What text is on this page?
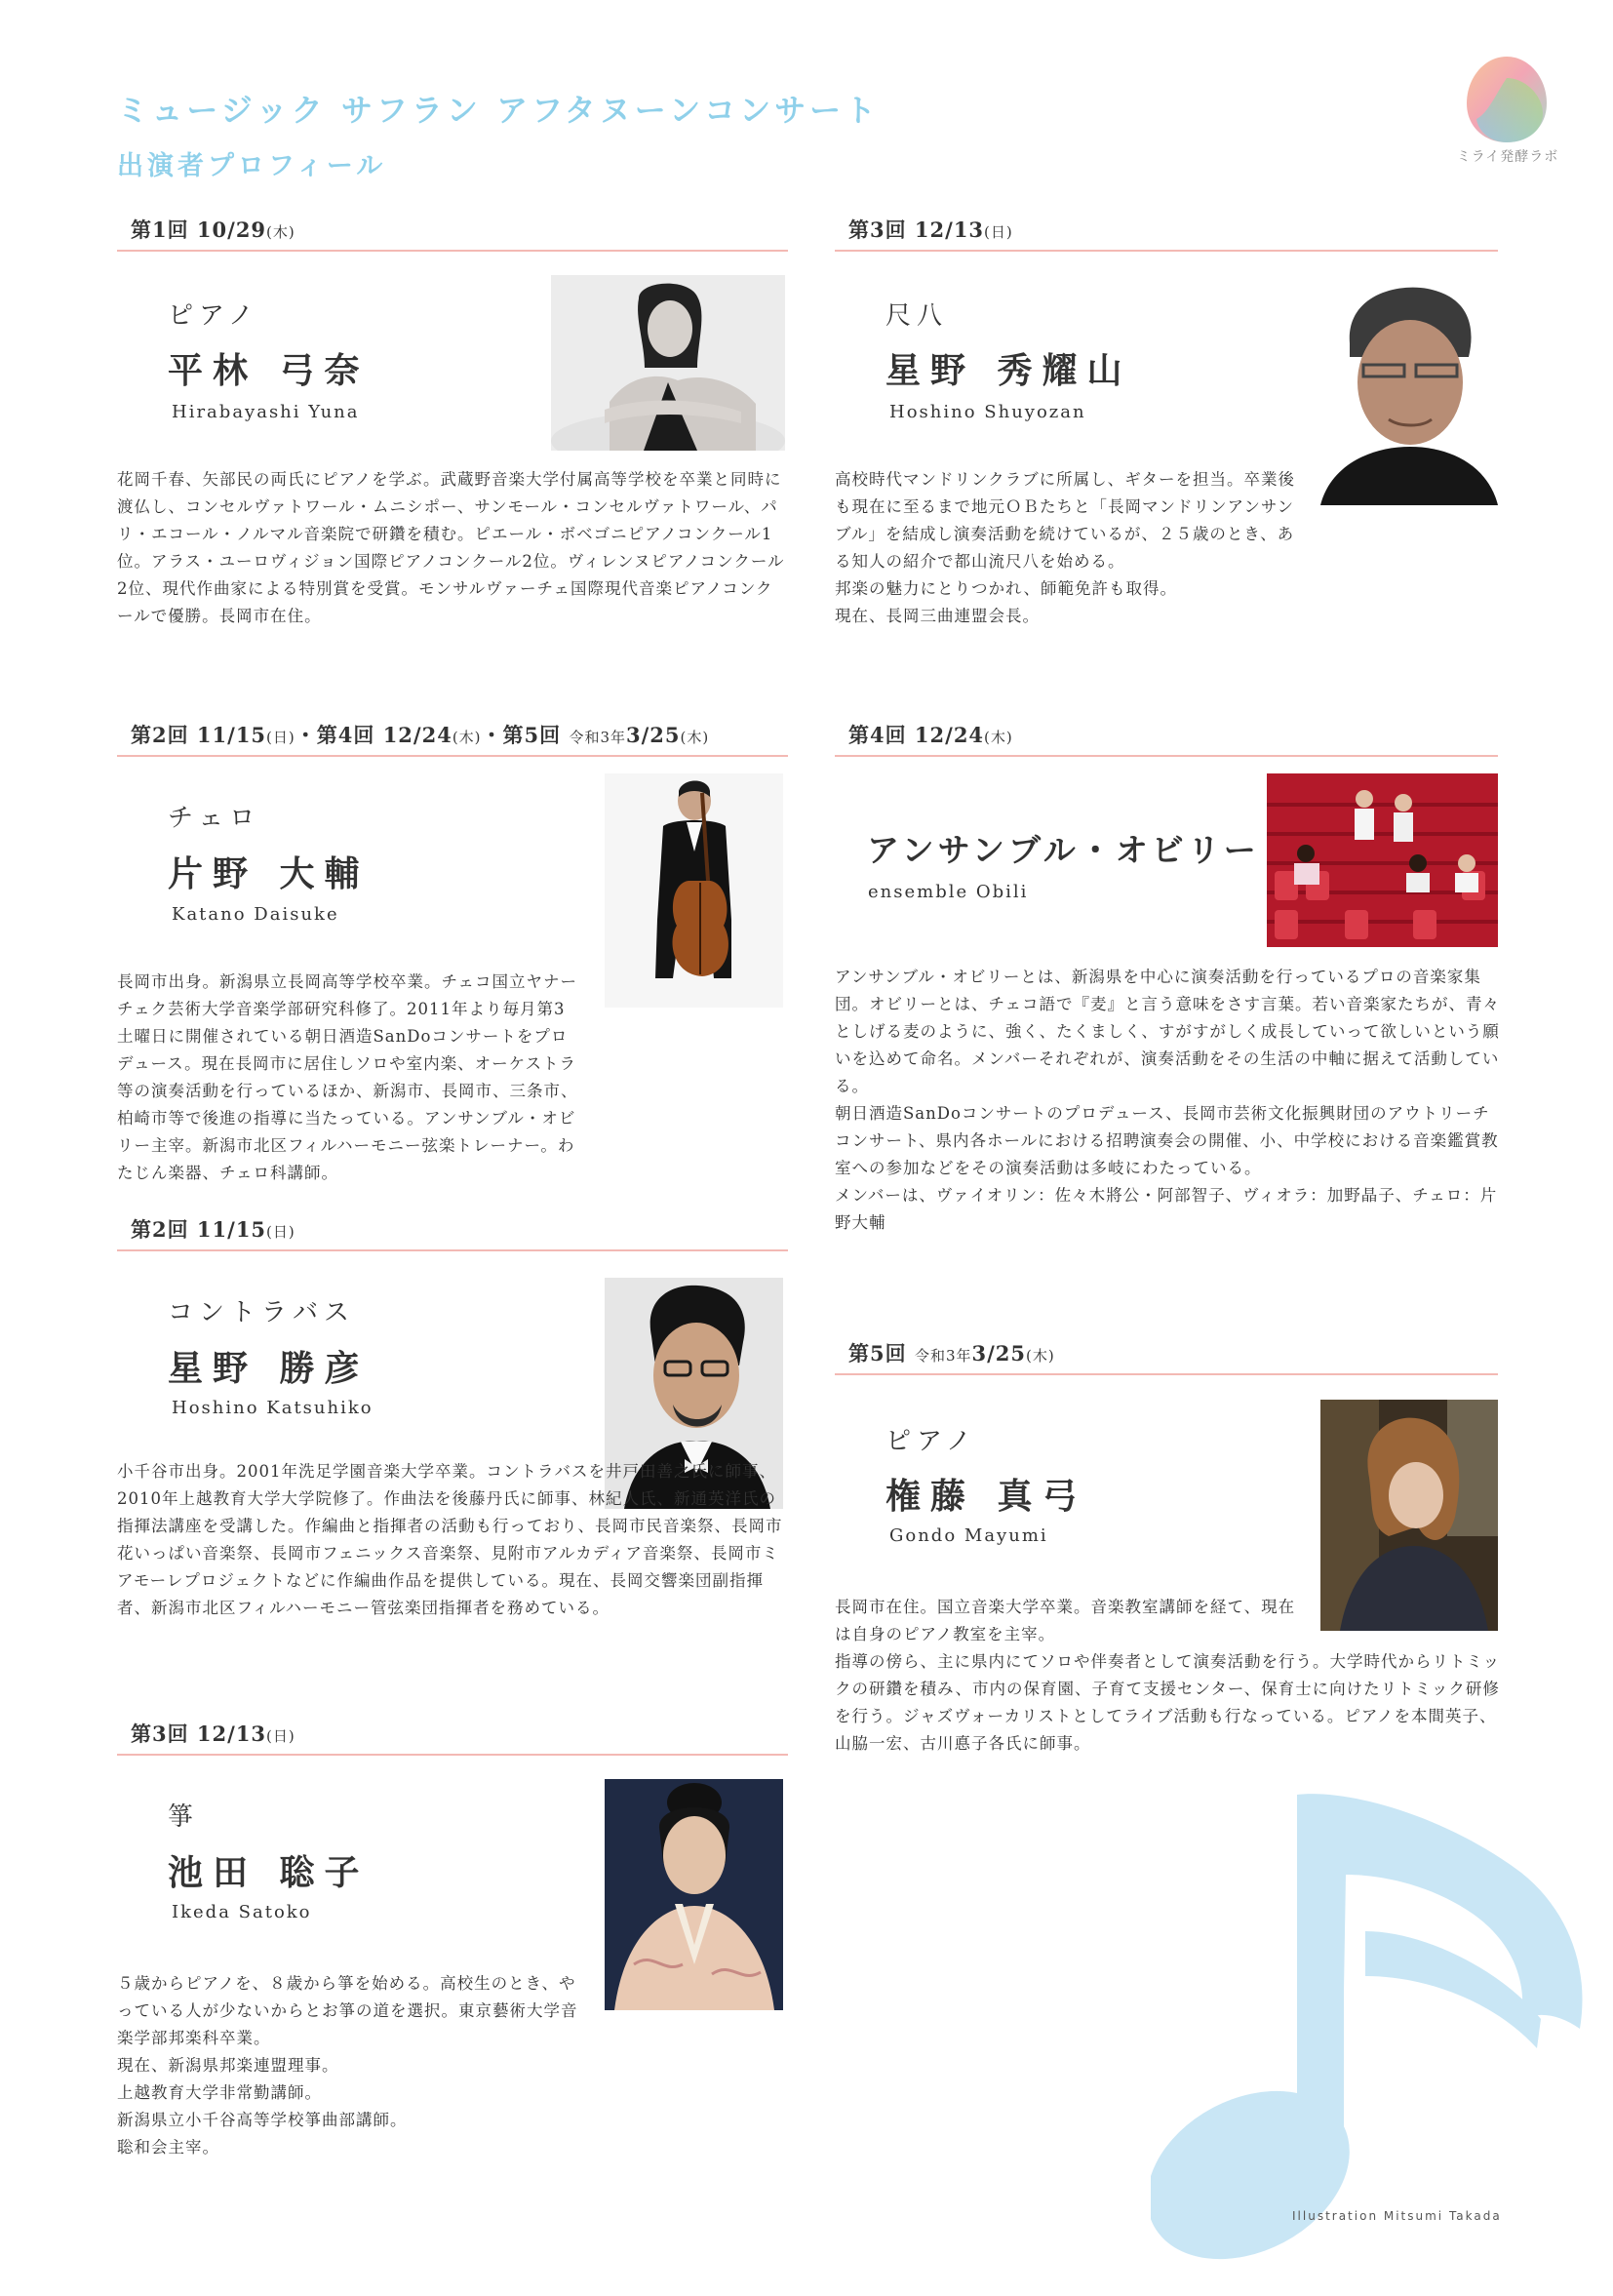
ミュージック サフラン アフタヌーンコンサート
出演者プロフィール	ミライ発酵ラボ
第1回 10/29(木)
ピアノ
平林 弓奈
Hirabayashi Yuna

花岡千春、矢部民の両氏にピアノを学ぶ。武蔵野音楽大学付属高等学校を卒業と同時に渡仏し、コンセルヴァトワール・ムニシポー、サンモール・コンセルヴァトワール、パリ・エコール・ノルマル音楽院で研鑽を積む。ピエール・ボベゴニピアノコンクール1位。アラス・ユーロヴィジョン国際ピアノコンクール2位。ヴィレンヌピアノコンクール2位、現代作曲家による特別賞を受賞。モンサルヴァーチェ国際現代音楽ピアノコンクールで優勝。長岡市在住。

第2回 11/15(日)・第4回 12/24(木)・第5回 令和3年3/25(木)
チェロ
片野 大輔
Katano Daisuke

長岡市出身。新潟県立長岡高等学校卒業。チェコ国立ヤナーチェク芸術大学音楽学部研究科修了。2011年より毎月第3土曜日に開催されている朝日酒造SanDoコンサートをプロデュース。現在長岡市に居住しソロや室内楽、オーケストラ等の演奏活動を行っているほか、新潟市、長岡市、三条市、柏崎市等で後進の指導に当たっている。アンサンブル・オビリー主宰。新潟市北区フィルハーモニー弦楽トレーナー。わたじん楽器、チェロ科講師。

第2回 11/15(日)
コントラバス
星野 勝彦
Hoshino Katsuhiko

小千谷市出身。2001年洗足学園音楽大学卒業。コントラバスを井戸田善之氏に師事、2010年上越教育大学大学院修了。作曲法を後藤丹氏に師事、林紀人氏、新通英洋氏の指揮法講座を受講した。作編曲と指揮者の活動も行っており、長岡市民音楽祭、長岡市花いっぱい音楽祭、長岡市フェニックス音楽祭、見附市アルカディア音楽祭、長岡市ミアモーレプロジェクトなどに作編曲作品を提供している。現在、長岡交響楽団副指揮者、新潟市北区フィルハーモニー管弦楽団指揮者を務めている。

第3回 12/13(日)
箏
池田 聡子
Ikeda Satoko

５歳からピアノを、８歳から箏を始める。高校生のとき、やっている人が少ないからとお箏の道を選択。東京藝術大学音楽学部邦楽科卒業。

現在、新潟県邦楽連盟理事。

上越教育大学非常勤講師。

新潟県立小千谷高等学校箏曲部講師。

聡和会主宰。

第3回 12/13(日)
尺八
星野 秀耀山
Hoshino Shuyozan

高校時代マンドリンクラブに所属し、ギターを担当。卒業後も現在に至るまで地元ＯＢたちと「長岡マンドリンアンサンブル」を結成し演奏活動を続けているが、２５歳のとき、ある知人の紹介で都山流尺八を始める。

邦楽の魅力にとりつかれ、師範免許も取得。

現在、長岡三曲連盟会長。

第4回 12/24(木)
アンサンブル・オビリー
ensemble Obili

アンサンブル・オビリーとは、新潟県を中心に演奏活動を行っているプロの音楽家集団。オビリーとは、チェコ語で『麦』と言う意味をさす言葉。若い音楽家たちが、青々としげる麦のように、強く、たくましく、すがすがしく成長していって欲しいという願いを込めて命名。メンバーそれぞれが、演奏活動をその生活の中軸に据えて活動している。

朝日酒造SanDoコンサートのプロデュース、長岡市芸術文化振興財団のアウトリーチコンサート、県内各ホールにおける招聘演奏会の開催、小、中学校における音楽鑑賞教室への参加などをその演奏活動は多岐にわたっている。

メンバーは、ヴァイオリン：佐々木將公・阿部智子、ヴィオラ：加野晶子、チェロ：片野大輔

第5回 令和3年3/25(木)
ピアノ
権藤 真弓
Gondo Mayumi

長岡市在住。国立音楽大学卒業。音楽教室講師を経て、現在は自身のピアノ教室を主宰。

指導の傍ら、主に県内にてソロや伴奏者として演奏活動を行う。大学時代からリトミックの研鑽を積み、市内の保育園、子育て支援センター、保育士に向けたリトミック研修を行う。ジャズヴォーカリストとしてライブ活動も行なっている。ピアノを本間英子、山脇一宏、古川悳子各氏に師事。

Illustration Mitsumi Takada
